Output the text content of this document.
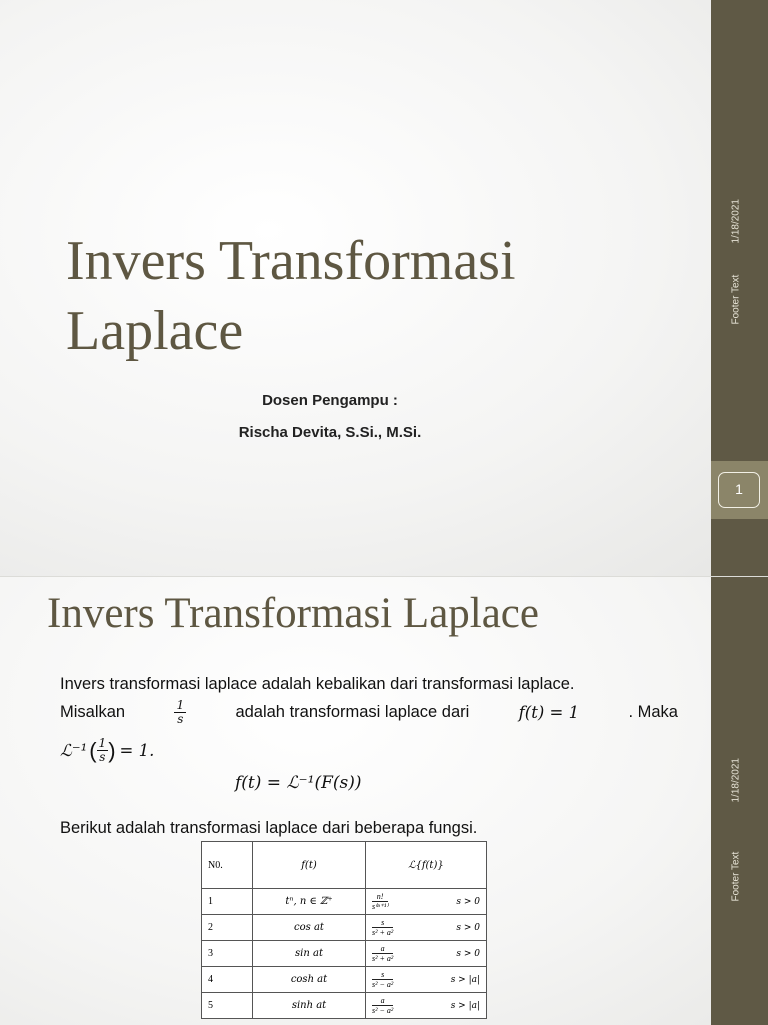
1/18/2021
Footer Text
1
Invers Transformasi
Laplace
Dosen Pengampu :
Rischa Devita, S.Si., M.Si.
1/18/2021
Footer Text
Invers Transformasi Laplace
Invers transformasi laplace adalah kebalikan dari transformasi laplace.
Misalkan	$\frac{1}{s}$	adalah transformasi laplace dari	f(t) = 1	. Maka
ℒ⁻¹ ( $\frac{1}{s}$ ) = 1.
f(t) = ℒ⁻¹(F(s))
Berikut adalah transformasi laplace dari beberapa fungsi.
N0.	f(t)	ℒ{f(t)}
1	tⁿ, n ∈ ℤ⁺	$\frac{n!}{\text{s⁽ⁿ⁺¹⁾}}$ s > 0

2	cos at	$\frac{s}{\text{s² + a²}}$ s > 0

3	sin at	$\frac{a}{\text{s² + a²}}$ s > 0

4	cosh at	$\frac{s}{\text{s² − a²}}$ s > |a|

5	sinh at	$\frac{a}{\text{s² − a²}}$ s > |a|
